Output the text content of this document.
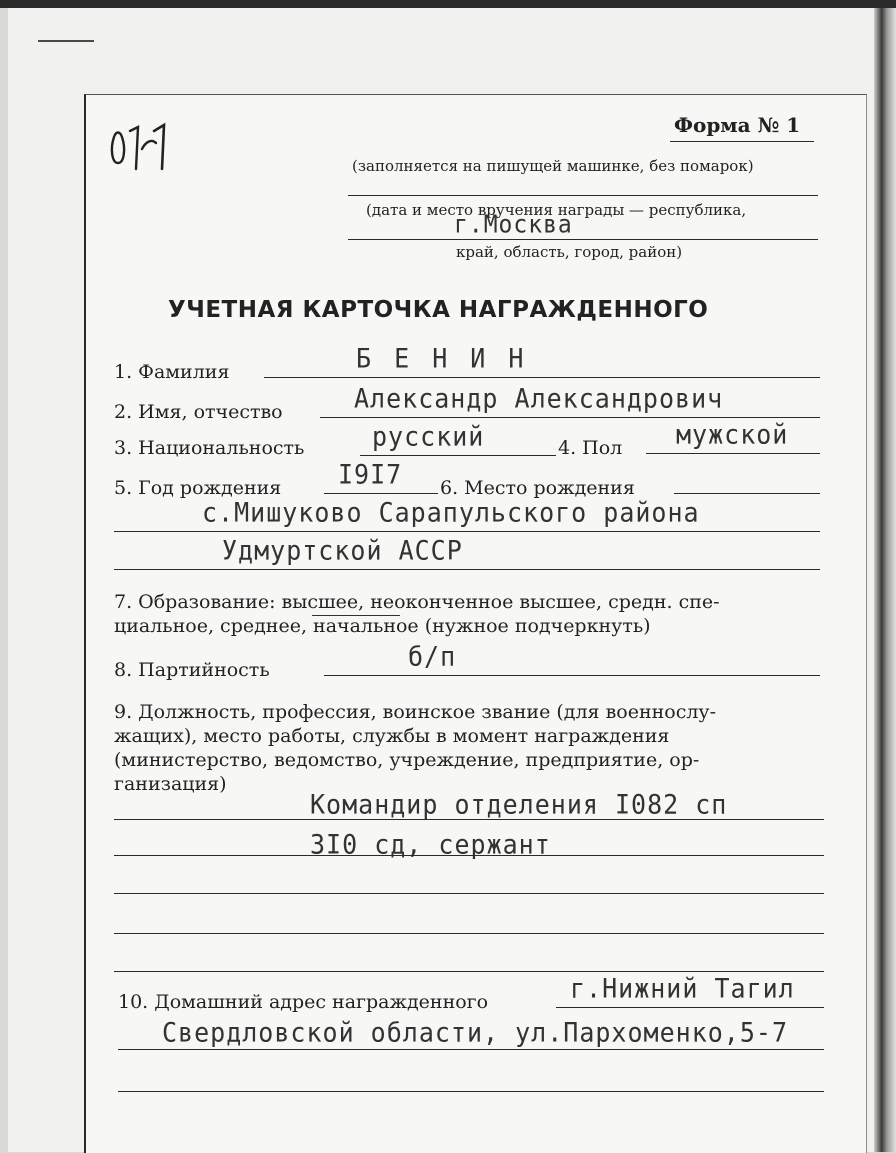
Форма № 1
(заполняется на пишущей машинке, без помарок)
(дата и место вручения награды — республика,
г.Москва
край, область, город, район)
УЧЕТНАЯ КАРТОЧКА НАГРАЖДЕННОГО
1. Фамилия	Б Е Н И Н
2. Имя, отчество	Александр Александрович
3. Национальность	русский	4. Пол мужской
5. Год рождения I9I7 6. Место рождения
с.Мишуково Сарапульского района
Удмуртской АССР
7. Образование: высшее, неоконченное высшее, средн. спе-
циальное, среднее, начальное (нужное подчеркнуть)
8. Партийность	б/п
9. Должность, профессия, воинское звание (для военнослу-
жащих), место работы, службы в момент награждения
(министерство, ведомство, учреждение, предприятие, ор-
ганизация)
Командир отделения I082 сп
3I0 сд, сержант
10. Домашний адрес награжденного	г.Нижний Тагил
Свердловской области, ул.Пархоменко,5-7
